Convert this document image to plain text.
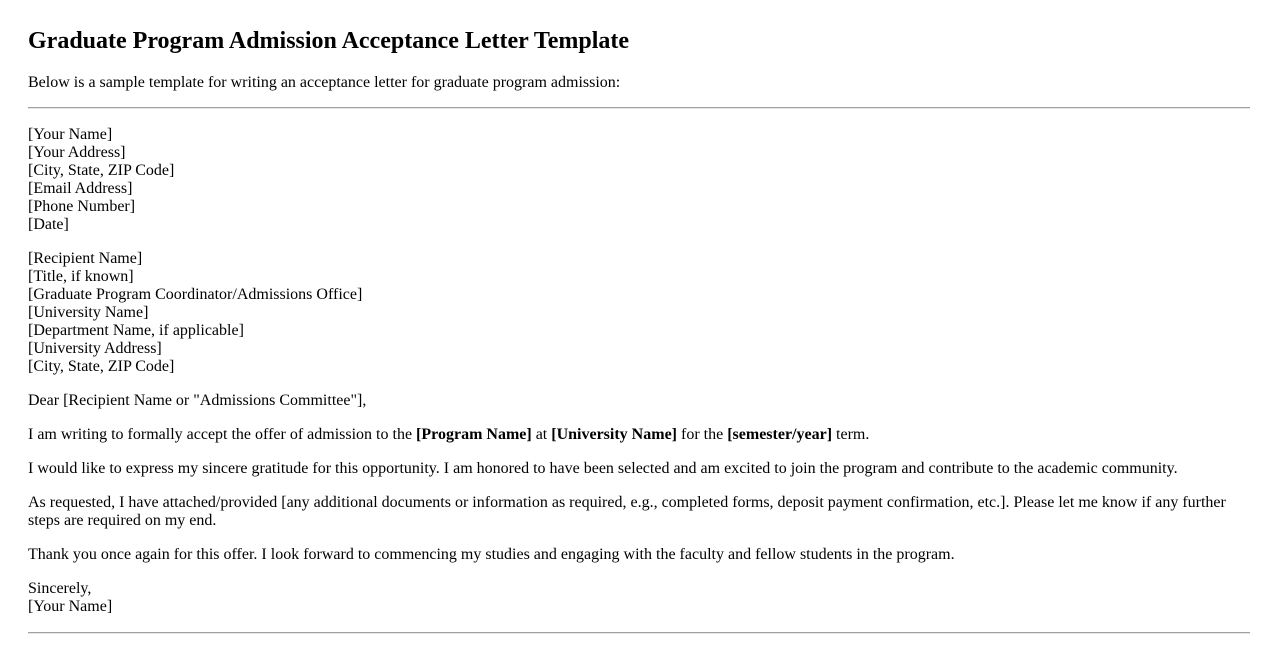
Graduate Program Admission Acceptance Letter Template

Below is a sample template for writing an acceptance letter for graduate program admission:

[Your Name]
[Your Address]
[City, State, ZIP Code]
[Email Address]
[Phone Number]
[Date]
[Recipient Name]
[Title, if known]
[Graduate Program Coordinator/Admissions Office]
[University Name]
[Department Name, if applicable]
[University Address]
[City, State, ZIP Code]

Dear [Recipient Name or "Admissions Committee"],

I am writing to formally accept the offer of admission to the [Program Name] at [University Name] for the [semester/year] term.

I would like to express my sincere gratitude for this opportunity. I am honored to have been selected and am excited to join the program and contribute to the academic community.

As requested, I have attached/provided [any additional documents or information as required, e.g., completed forms, deposit payment confirmation, etc.]. Please let me know if any further steps are required on my end.

Thank you once again for this offer. I look forward to commencing my studies and engaging with the faculty and fellow students in the program.

Sincerely,
[Your Name]
